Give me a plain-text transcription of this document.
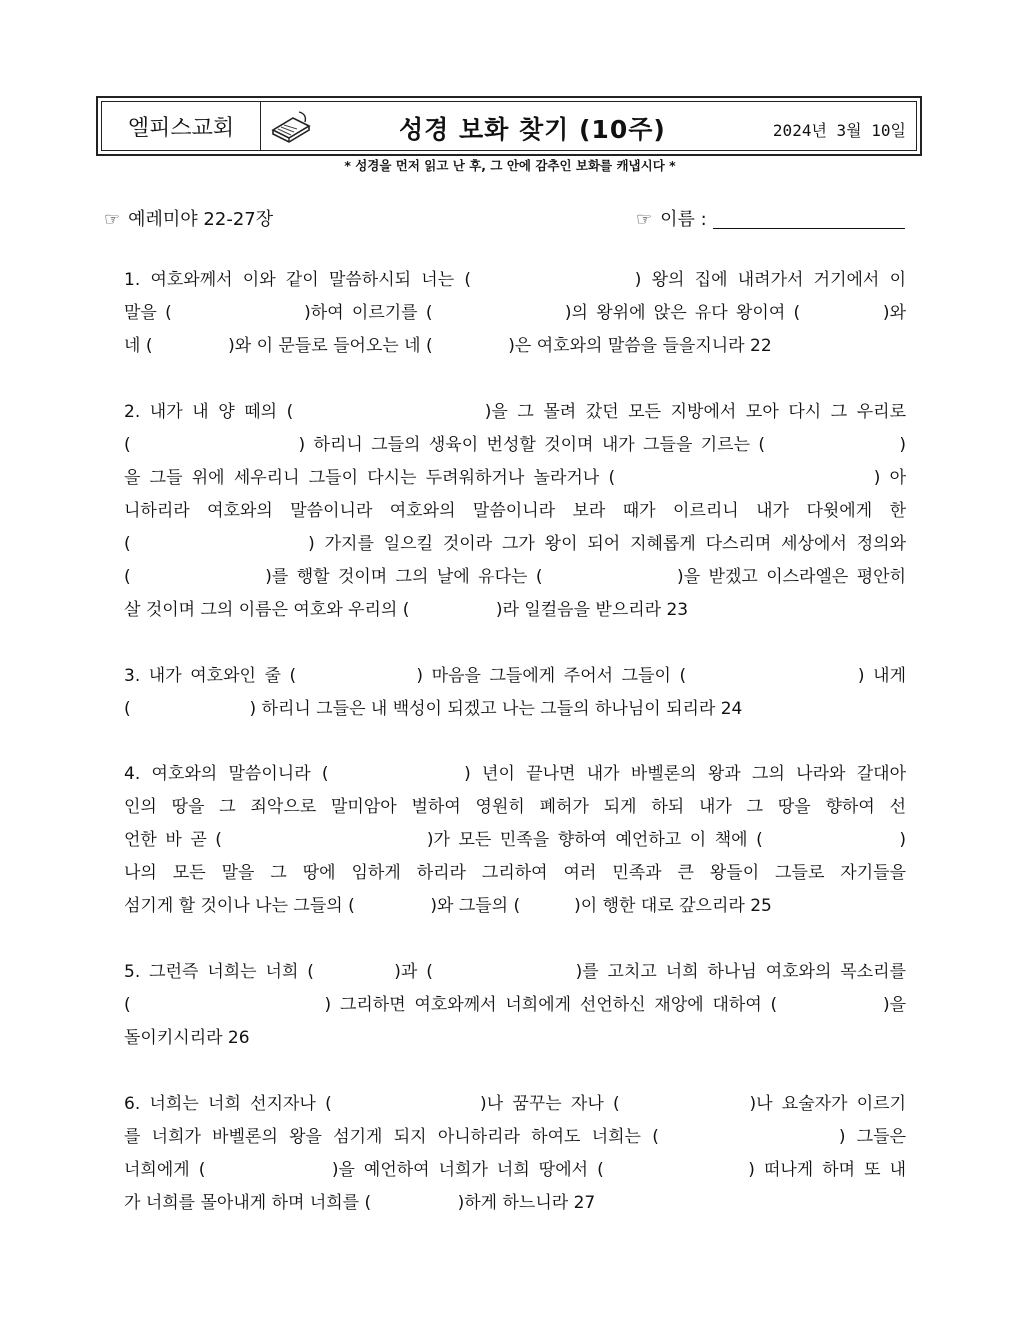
엘피스교회	성경 보화 찾기 (10주)	2024년 3월 10일
* 성경을 먼저 읽고 난 후, 그 안에 감추인 보화를 캐냅시다 *
☞ 예레미야 22-27장	☞ 이름 :
1. 여호와께서 이와 같이 말씀하시되 너는 (                ) 왕의 집에 내려가서 거기에서 이
말을 (                )하여 이르기를 (                )의 왕위에 앉은 유다 왕이여 (          )와
네 (              )와 이 문들로 들어오는 네 (              )은 여호와의 말씀을 들을지니라 22
2. 내가 내 양 떼의 (                    )을 그 몰려 갔던 모든 지방에서 모아 다시 그 우리로
(                    ) 하리니 그들의 생육이 번성할 것이며 내가 그들을 기르는 (                )
을 그들 위에 세우리니 그들이 다시는 두려워하거나 놀라거나 (                            ) 아
니하리라 여호와의 말씀이니라 여호와의 말씀이니라 보라 때가 이르리니 내가 다윗에게 한
(                  ) 가지를 일으킬 것이라 그가 왕이 되어 지혜롭게 다스리며 세상에서 정의와
(                )를 행할 것이며 그의 날에 유다는 (                )을 받겠고 이스라엘은 평안히
살 것이며 그의 이름은 여호와 우리의 (                )라 일컬음을 받으리라 23
3. 내가 여호와인 줄 (              ) 마음을 그들에게 주어서 그들이 (                    ) 내게
(                      ) 하리니 그들은 내 백성이 되겠고 나는 그들의 하나님이 되리라 24
4. 여호와의 말씀이니라 (            ) 년이 끝나면 내가 바벨론의 왕과 그의 나라와 갈대아
인의 땅을 그 죄악으로 말미암아 벌하여 영원히 폐허가 되게 하되 내가 그 땅을 향하여 선
언한 바 곧 (                        )가 모든 민족을 향하여 예언하고 이 책에 (                )
나의 모든 말을 그 땅에 임하게 하리라 그리하여 여러 민족과 큰 왕들이 그들로 자기들을
섬기게 할 것이나 나는 그들의 (              )와 그들의 (          )이 행한 대로 갚으리라 25
5. 그런즉 너희는 너희 (         )과 (                )를 고치고 너희 하나님 여호와의 목소리를
(                      ) 그리하면 여호와께서 너희에게 선언하신 재앙에 대하여 (            )을
돌이키시리라 26
6. 너희는 너희 선지자나 (                )나 꿈꾸는 자나 (              )나 요술자가 이르기
를 너희가 바벨론의 왕을 섬기게 되지 아니하리라 하여도 너희는 (                ) 그들은
너희에게 (              )을 예언하여 너희가 너희 땅에서 (                ) 떠나게 하며 또 내
가 너희를 몰아내게 하며 너희를 (                )하게 하느니라 27
